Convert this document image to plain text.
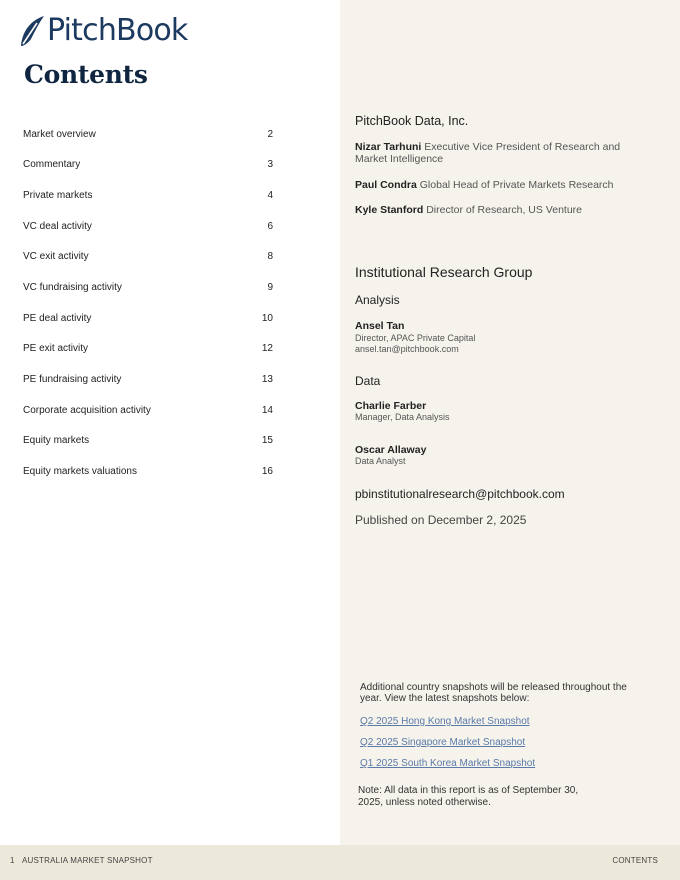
PitchBook
Contents
Market overview	2
Commentary	3
Private markets	4
VC deal activity	6
VC exit activity	8
VC fundraising activity	9
PE deal activity	10
PE exit activity	12
PE fundraising activity	13
Corporate acquisition activity	14
Equity markets	15
Equity markets valuations	16
PitchBook Data, Inc.
Nizar Tarhuni Executive Vice President of Research and Market Intelligence
Paul Condra Global Head of Private Markets Research
Kyle Stanford Director of Research, US Venture
Institutional Research Group
Analysis
Ansel Tan
Director, APAC Private Capital
ansel.tan@pitchbook.com
Data
Charlie Farber
Manager, Data Analysis
Oscar Allaway
Data Analyst
pbinstitutionalresearch@pitchbook.com
Published on December 2, 2025
Additional country snapshots will be released throughout the year. View the latest snapshots below:
Q2 2025 Hong Kong Market Snapshot
Q2 2025 Singapore Market Snapshot
Q1 2025 South Korea Market Snapshot
Note: All data in this report is as of September 30, 2025, unless noted otherwise.
1 AUSTRALIA MARKET SNAPSHOT	CONTENTS
